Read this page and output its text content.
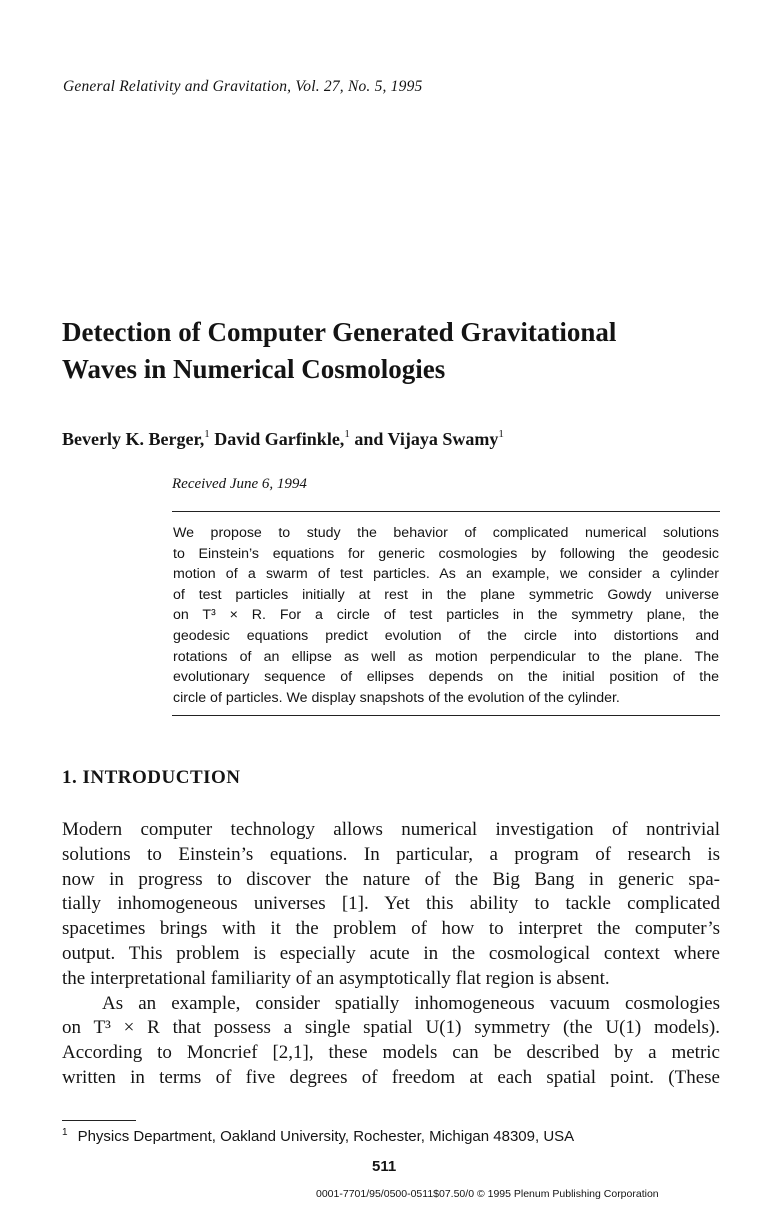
General Relativity and Gravitation, Vol. 27, No. 5, 1995
Detection of Computer Generated Gravitational
Waves in Numerical Cosmologies
Beverly K. Berger,$^1$ David Garfinkle,$^1$ and Vijaya Swamy$^1$
Received June 6, 1994
We propose to study the behavior of complicated numerical solutions
to Einstein’s equations for generic cosmologies by following the geodesic
motion of a swarm of test particles. As an example, we consider a cylinder
of test particles initially at rest in the plane symmetric Gowdy universe
on T³ × R. For a circle of test particles in the symmetry plane, the
geodesic equations predict evolution of the circle into distortions and
rotations of an ellipse as well as motion perpendicular to the plane. The
evolutionary sequence of ellipses depends on the initial position of the
circle of particles. We display snapshots of the evolution of the cylinder.
1. INTRODUCTION
Modern computer technology allows numerical investigation of nontrivial
solutions to Einstein’s equations. In particular, a program of research is
now in progress to discover the nature of the Big Bang in generic spa-
tially inhomogeneous universes [1]. Yet this ability to tackle complicated
spacetimes brings with it the problem of how to interpret the computer’s
output. This problem is especially acute in the cosmological context where
the interpretational familiarity of an asymptotically flat region is absent.
As an example, consider spatially inhomogeneous vacuum cosmologies
on T³ × R that possess a single spatial U(1) symmetry (the U(1) models).
According to Moncrief [2,1], these models can be described by a metric
written in terms of five degrees of freedom at each spatial point. (These
$^1$ Physics Department, Oakland University, Rochester, Michigan 48309, USA
511
0001-7701/95/0500-0511$07.50/0 © 1995 Plenum Publishing Corporation
